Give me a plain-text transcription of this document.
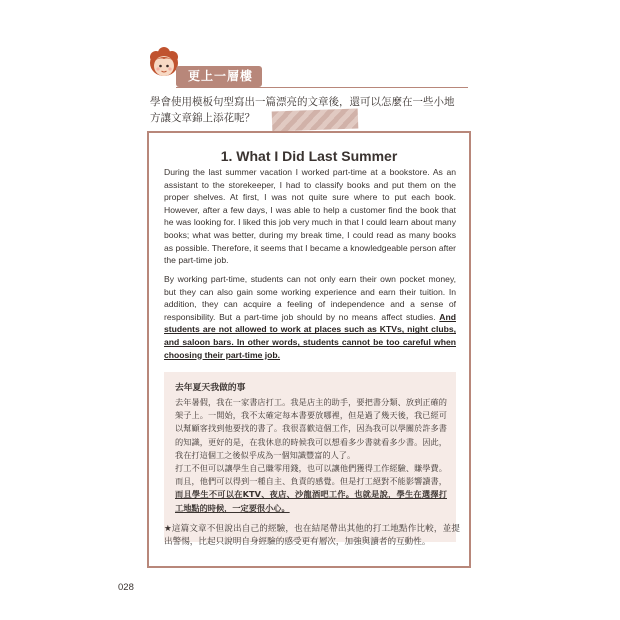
更上一層樓
學會使用模板句型寫出一篇漂亮的文章後，還可以怎麼在一些小地方讓文章錦上添花呢？
1. What I Did Last Summer

During the last summer vacation I worked part-time at a bookstore. As an assistant to the storekeeper, I had to classify books and put them on the proper shelves. At first, I was not quite sure where to put each book. However, after a few days, I was able to help a customer find the book that he was looking for. I liked this job very much in that I could learn about many books; what was better, during my break time, I could read as many books as possible. Therefore, it seems that I became a knowledgeable person after the part-time job.

By working part-time, students can not only earn their own pocket money, but they can also gain some working experience and earn their tuition. In addition, they can acquire a feeling of independence and a sense of responsibility. But a part-time job should by no means affect studies. And students are not allowed to work at places such as KTVs, night clubs, and saloon bars. In other words, students cannot be too careful when choosing their part-time job.

去年夏天我做的事

去年暑假，我在一家書店打工。我是店主的助手，要把書分類、放到正確的架子上。一開始，我不太確定每本書要放哪裡，但是過了幾天後，我已經可以幫顧客找到他要找的書了。我很喜歡這個工作，因為我可以學關於許多書的知識，更好的是，在我休息的時候我可以想看多少書就看多少書。因此，我在打這個工之後似乎成為一個知識豐富的人了。

打工不但可以讓學生自己賺零用錢，也可以讓他們獲得工作經驗、賺學費。而且，他們可以得到一種自主、負責的感覺。但是打工絕對不能影響讀書，而且學生不可以在KTV、夜店、沙龍酒吧工作。也就是說，學生在選擇打工地點的時候，一定要很小心。

★這篇文章不但說出自己的經驗，也在結尾帶出其他的打工地點作比較，並提出警惕，比起只說明自身經驗的感受更有層次，加強與讀者的互動性。

028
